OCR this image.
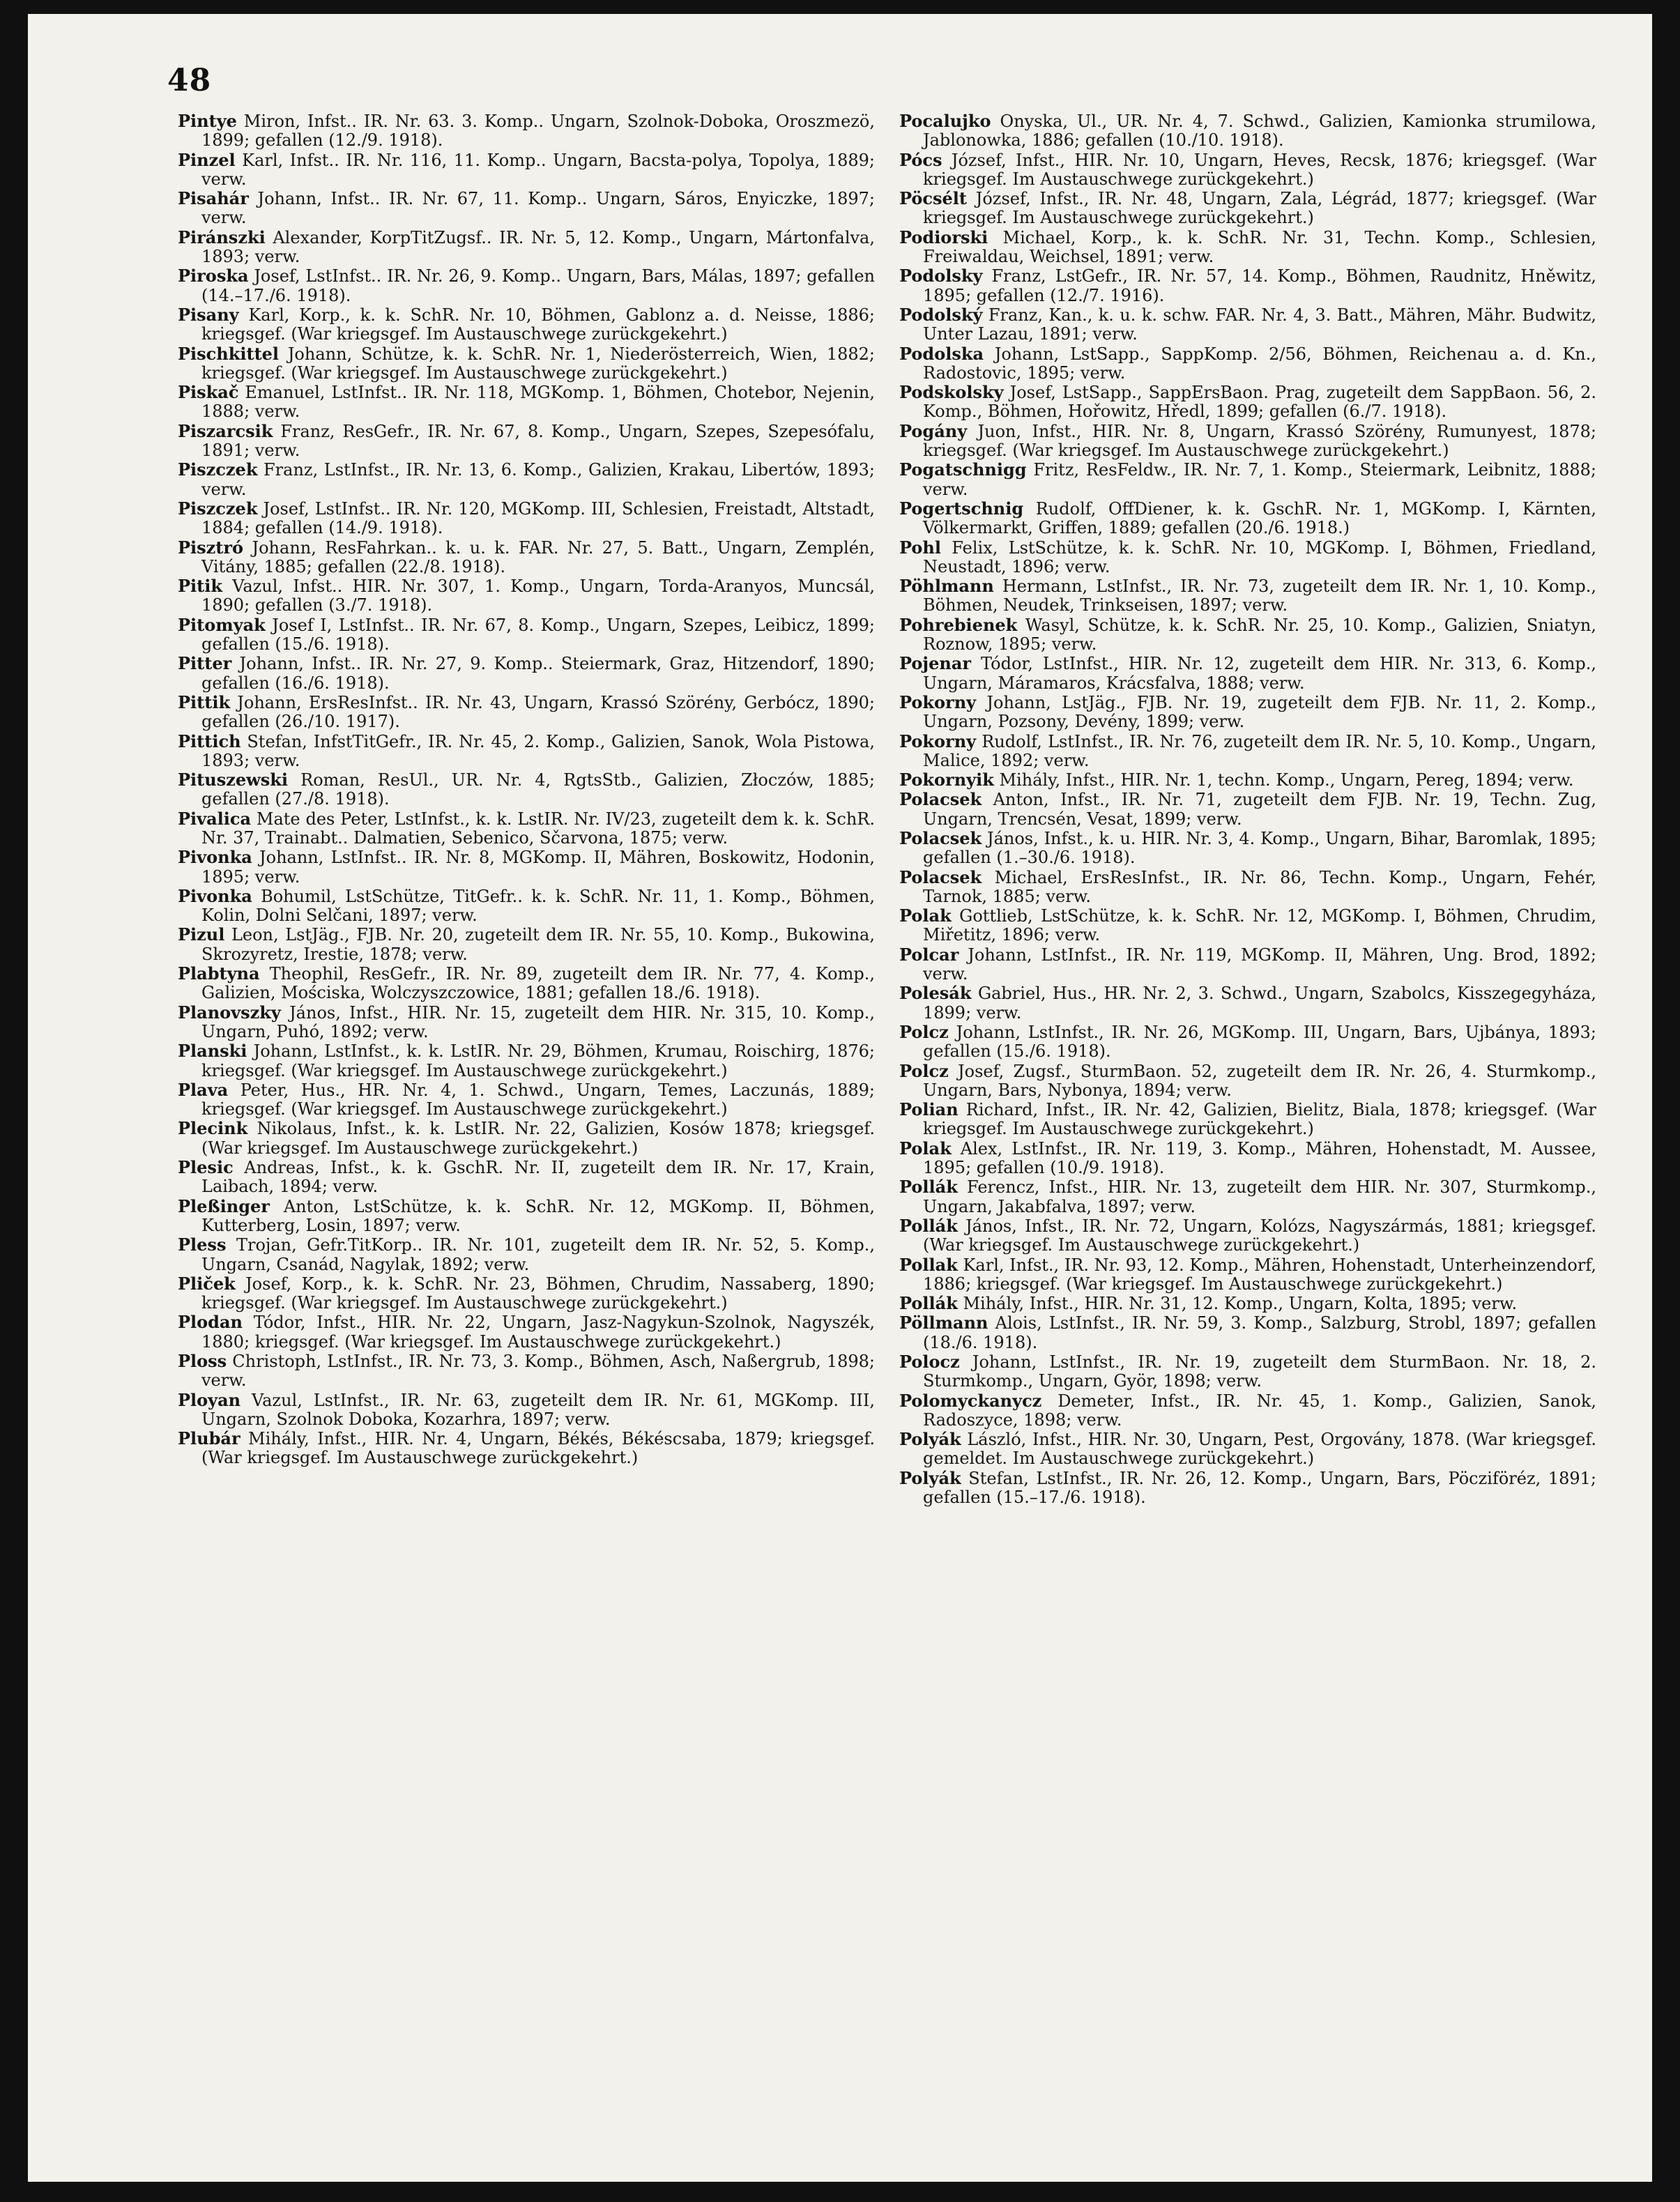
48

Pintye Miron, Infst.. IR. Nr. 63. 3. Komp.. Ungarn, Szolnok-Doboka, Oroszmezö, 1899; gefallen (12./9. 1918).

Pinzel Karl, Infst.. IR. Nr. 116, 11. Komp.. Ungarn, Bacsta-polya, Topolya, 1889; verw.

Pisahár Johann, Infst.. IR. Nr. 67, 11. Komp.. Ungarn, Sáros, Enyiczke, 1897; verw.

Piránszki Alexander, KorpTitZugsf.. IR. Nr. 5, 12. Komp., Ungarn, Mártonfalva, 1893; verw.

Piroska Josef, LstInfst.. IR. Nr. 26, 9. Komp.. Ungarn, Bars, Málas, 1897; gefallen (14.–17./6. 1918).

Pisany Karl, Korp., k. k. SchR. Nr. 10, Böhmen, Gablonz a. d. Neisse, 1886; kriegsgef. (War kriegsgef. Im Austauschwege zurückgekehrt.)

Pischkittel Johann, Schütze, k. k. SchR. Nr. 1, Niederösterreich, Wien, 1882; kriegsgef. (War kriegsgef. Im Austauschwege zurückgekehrt.)

Piskač Emanuel, LstInfst.. IR. Nr. 118, MGKomp. 1, Böhmen, Chotebor, Nejenin, 1888; verw.

Piszarcsik Franz, ResGefr., IR. Nr. 67, 8. Komp., Ungarn, Szepes, Szepesófalu, 1891; verw.

Piszczek Franz, LstInfst., IR. Nr. 13, 6. Komp., Galizien, Krakau, Libertów, 1893; verw.

Piszczek Josef, LstInfst.. IR. Nr. 120, MGKomp. III, Schlesien, Freistadt, Altstadt, 1884; gefallen (14./9. 1918).

Pisztró Johann, ResFahrkan.. k. u. k. FAR. Nr. 27, 5. Batt., Ungarn, Zemplén, Vitány, 1885; gefallen (22./8. 1918).

Pitik Vazul, Infst.. HIR. Nr. 307, 1. Komp., Ungarn, Torda-Aranyos, Muncsál, 1890; gefallen (3./7. 1918).

Pitomyak Josef I, LstInfst.. IR. Nr. 67, 8. Komp., Ungarn, Szepes, Leibicz, 1899; gefallen (15./6. 1918).

Pitter Johann, Infst.. IR. Nr. 27, 9. Komp.. Steiermark, Graz, Hitzendorf, 1890; gefallen (16./6. 1918).

Pittik Johann, ErsResInfst.. IR. Nr. 43, Ungarn, Krassó Szörény, Gerbócz, 1890; gefallen (26./10. 1917).

Pittich Stefan, InfstTitGefr., IR. Nr. 45, 2. Komp., Galizien, Sanok, Wola Pistowa, 1893; verw.

Pituszewski Roman, ResUl., UR. Nr. 4, RgtsStb., Galizien, Złoczów, 1885; gefallen (27./8. 1918).

Pivalica Mate des Peter, LstInfst., k. k. LstIR. Nr. IV/23, zugeteilt dem k. k. SchR. Nr. 37, Trainabt.. Dalmatien, Sebenico, Sčarvona, 1875; verw.

Pivonka Johann, LstInfst.. IR. Nr. 8, MGKomp. II, Mähren, Boskowitz, Hodonin, 1895; verw.

Pivonka Bohumil, LstSchütze, TitGefr.. k. k. SchR. Nr. 11, 1. Komp., Böhmen, Kolin, Dolni Selčani, 1897; verw.

Pizul Leon, LstJäg., FJB. Nr. 20, zugeteilt dem IR. Nr. 55, 10. Komp., Bukowina, Skrozyretz, Irestie, 1878; verw.

Plabtyna Theophil, ResGefr., IR. Nr. 89, zugeteilt dem IR. Nr. 77, 4. Komp., Galizien, Mościska, Wolczyszczowice, 1881; gefallen 18./6. 1918).

Planovszky János, Infst., HIR. Nr. 15, zugeteilt dem HIR. Nr. 315, 10. Komp., Ungarn, Puhó, 1892; verw.

Planski Johann, LstInfst., k. k. LstIR. Nr. 29, Böhmen, Krumau, Roischirg, 1876; kriegsgef. (War kriegsgef. Im Austauschwege zurückgekehrt.)

Plava Peter, Hus., HR. Nr. 4, 1. Schwd., Ungarn, Temes, Laczunás, 1889; kriegsgef. (War kriegsgef. Im Austauschwege zurückgekehrt.)

Plecink Nikolaus, Infst., k. k. LstIR. Nr. 22, Galizien, Kosów 1878; kriegsgef. (War kriegsgef. Im Austauschwege zurückgekehrt.)

Plesic Andreas, Infst., k. k. GschR. Nr. II, zugeteilt dem IR. Nr. 17, Krain, Laibach, 1894; verw.

Pleßinger Anton, LstSchütze, k. k. SchR. Nr. 12, MGKomp. II, Böhmen, Kutterberg, Losin, 1897; verw.

Pless Trojan, Gefr.TitKorp.. IR. Nr. 101, zugeteilt dem IR. Nr. 52, 5. Komp., Ungarn, Csanád, Nagylak, 1892; verw.

Pliček Josef, Korp., k. k. SchR. Nr. 23, Böhmen, Chrudim, Nassaberg, 1890; kriegsgef. (War kriegsgef. Im Austauschwege zurückgekehrt.)

Plodan Tódor, Infst., HIR. Nr. 22, Ungarn, Jasz-Nagykun-Szolnok, Nagyszék, 1880; kriegsgef. (War kriegsgef. Im Austauschwege zurückgekehrt.)

Ploss Christoph, LstInfst., IR. Nr. 73, 3. Komp., Böhmen, Asch, Naßergrub, 1898; verw.

Ployan Vazul, LstInfst., IR. Nr. 63, zugeteilt dem IR. Nr. 61, MGKomp. III, Ungarn, Szolnok Doboka, Kozarhra, 1897; verw.

Plubár Mihály, Infst., HIR. Nr. 4, Ungarn, Békés, Békéscsaba, 1879; kriegsgef. (War kriegsgef. Im Austauschwege zurückgekehrt.)

Pocalujko Onyska, Ul., UR. Nr. 4, 7. Schwd., Galizien, Kamionka strumilowa, Jablonowka, 1886; gefallen (10./10. 1918).

Pócs József, Infst., HIR. Nr. 10, Ungarn, Heves, Recsk, 1876; kriegsgef. (War kriegsgef. Im Austauschwege zurückgekehrt.)

Pöcsélt József, Infst., IR. Nr. 48, Ungarn, Zala, Légrád, 1877; kriegsgef. (War kriegsgef. Im Austauschwege zurückgekehrt.)

Podiorski Michael, Korp., k. k. SchR. Nr. 31, Techn. Komp., Schlesien, Freiwaldau, Weichsel, 1891; verw.

Podolsky Franz, LstGefr., IR. Nr. 57, 14. Komp., Böhmen, Raudnitz, Hněwitz, 1895; gefallen (12./7. 1916).

Podolský Franz, Kan., k. u. k. schw. FAR. Nr. 4, 3. Batt., Mähren, Mähr. Budwitz, Unter Lazau, 1891; verw.

Podolska Johann, LstSapp., SappKomp. 2/56, Böhmen, Reichenau a. d. Kn., Radostovic, 1895; verw.

Podskolsky Josef, LstSapp., SappErsBaon. Prag, zugeteilt dem SappBaon. 56, 2. Komp., Böhmen, Hořowitz, Hředl, 1899; gefallen (6./7. 1918).

Pogány Juon, Infst., HIR. Nr. 8, Ungarn, Krassó Szörény, Rumunyest, 1878; kriegsgef. (War kriegsgef. Im Austauschwege zurückgekehrt.)

Pogatschnigg Fritz, ResFeldw., IR. Nr. 7, 1. Komp., Steiermark, Leibnitz, 1888; verw.

Pogertschnig Rudolf, OffDiener, k. k. GschR. Nr. 1, MGKomp. I, Kärnten, Völkermarkt, Griffen, 1889; gefallen (20./6. 1918.)

Pohl Felix, LstSchütze, k. k. SchR. Nr. 10, MGKomp. I, Böhmen, Friedland, Neustadt, 1896; verw.

Pöhlmann Hermann, LstInfst., IR. Nr. 73, zugeteilt dem IR. Nr. 1, 10. Komp., Böhmen, Neudek, Trinkseisen, 1897; verw.

Pohrebienek Wasyl, Schütze, k. k. SchR. Nr. 25, 10. Komp., Galizien, Sniatyn, Roznow, 1895; verw.

Pojenar Tódor, LstInfst., HIR. Nr. 12, zugeteilt dem HIR. Nr. 313, 6. Komp., Ungarn, Máramaros, Krácsfalva, 1888; verw.

Pokorny Johann, LstJäg., FJB. Nr. 19, zugeteilt dem FJB. Nr. 11, 2. Komp., Ungarn, Pozsony, Devény, 1899; verw.

Pokorny Rudolf, LstInfst., IR. Nr. 76, zugeteilt dem IR. Nr. 5, 10. Komp., Ungarn, Malice, 1892; verw.

Pokornyik Mihály, Infst., HIR. Nr. 1, techn. Komp., Ungarn, Pereg, 1894; verw.

Polacsek Anton, Infst., IR. Nr. 71, zugeteilt dem FJB. Nr. 19, Techn. Zug, Ungarn, Trencsén, Vesat, 1899; verw.

Polacsek János, Infst., k. u. HIR. Nr. 3, 4. Komp., Ungarn, Bihar, Baromlak, 1895; gefallen (1.–30./6. 1918).

Polacsek Michael, ErsResInfst., IR. Nr. 86, Techn. Komp., Ungarn, Fehér, Tarnok, 1885; verw.

Polak Gottlieb, LstSchütze, k. k. SchR. Nr. 12, MGKomp. I, Böhmen, Chrudim, Miřetitz, 1896; verw.

Polcar Johann, LstInfst., IR. Nr. 119, MGKomp. II, Mähren, Ung. Brod, 1892; verw.

Polesák Gabriel, Hus., HR. Nr. 2, 3. Schwd., Ungarn, Szabolcs, Kisszegegyháza, 1899; verw.

Polcz Johann, LstInfst., IR. Nr. 26, MGKomp. III, Ungarn, Bars, Ujbánya, 1893; gefallen (15./6. 1918).

Polcz Josef, Zugsf., SturmBaon. 52, zugeteilt dem IR. Nr. 26, 4. Sturmkomp., Ungarn, Bars, Nybonya, 1894; verw.

Polian Richard, Infst., IR. Nr. 42, Galizien, Bielitz, Biala, 1878; kriegsgef. (War kriegsgef. Im Austauschwege zurückgekehrt.)

Polak Alex, LstInfst., IR. Nr. 119, 3. Komp., Mähren, Hohenstadt, M. Aussee, 1895; gefallen (10./9. 1918).

Pollák Ferencz, Infst., HIR. Nr. 13, zugeteilt dem HIR. Nr. 307, Sturmkomp., Ungarn, Jakabfalva, 1897; verw.

Pollák János, Infst., IR. Nr. 72, Ungarn, Kolózs, Nagyszármás, 1881; kriegsgef. (War kriegsgef. Im Austauschwege zurückgekehrt.)

Pollak Karl, Infst., IR. Nr. 93, 12. Komp., Mähren, Hohenstadt, Unterheinzendorf, 1886; kriegsgef. (War kriegsgef. Im Austauschwege zurückgekehrt.)

Pollák Mihály, Infst., HIR. Nr. 31, 12. Komp., Ungarn, Kolta, 1895; verw.

Pöllmann Alois, LstInfst., IR. Nr. 59, 3. Komp., Salzburg, Strobl, 1897; gefallen (18./6. 1918).

Polocz Johann, LstInfst., IR. Nr. 19, zugeteilt dem SturmBaon. Nr. 18, 2. Sturmkomp., Ungarn, Györ, 1898; verw.

Polomyckanycz Demeter, Infst., IR. Nr. 45, 1. Komp., Galizien, Sanok, Radoszyce, 1898; verw.

Polyák László, Infst., HIR. Nr. 30, Ungarn, Pest, Orgovány, 1878. (War kriegsgef. gemeldet. Im Austauschwege zurückgekehrt.)

Polyák Stefan, LstInfst., IR. Nr. 26, 12. Komp., Ungarn, Bars, Pöcziföréz, 1891; gefallen (15.–17./6. 1918).
